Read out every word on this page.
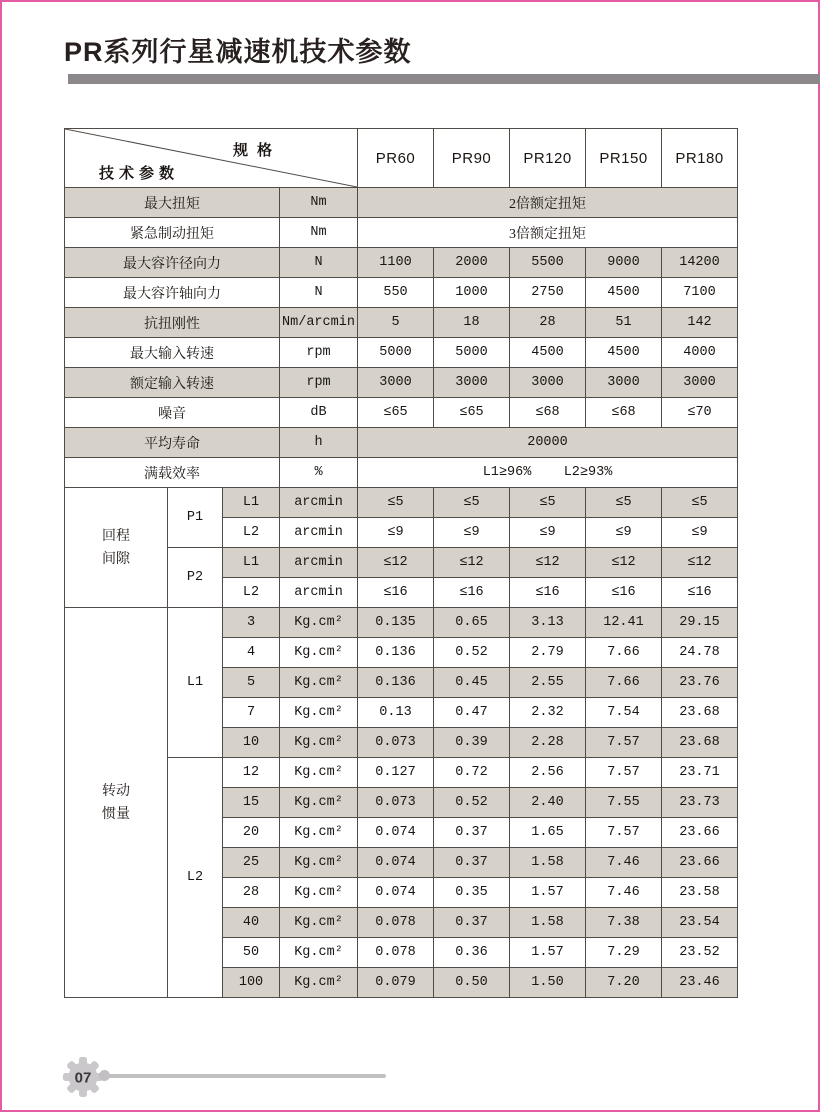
PR系列行星减速机技术参数
规格
技术参数				PR60	PR90	PR120	PR150	PR180
最大扭矩			Nm	2倍额定扭矩				
紧急制动扭矩			Nm	3倍额定扭矩				
最大容许径向力			N	1100	2000	5500	9000	14200
最大容许轴向力			N	550	1000	2750	4500	7100
抗扭刚性			Nm/arcmin	5	18	28	51	142
最大输入转速			rpm	5000	5000	4500	4500	4000
额定输入转速			rpm	3000	3000	3000	3000	3000
噪音			dB	≤65	≤65	≤68	≤68	≤70
平均寿命			h	20000				
满载效率			%	L1≥96%    L2≥93%				

回程
间隙	P1	L1	arcmin	≤5	≤5	≤5	≤5	≤5
		L2	arcmin	≤9	≤9	≤9	≤9	≤9
	P2	L1	arcmin	≤12	≤12	≤12	≤12	≤12
		L2	arcmin	≤16	≤16	≤16	≤16	≤16

转动
惯量	L1	3	Kg.cm²	0.135	0.65	3.13	12.41	29.15
		4	Kg.cm²	0.136	0.52	2.79	7.66	24.78
		5	Kg.cm²	0.136	0.45	2.55	7.66	23.76
		7	Kg.cm²	0.13	0.47	2.32	7.54	23.68
		10	Kg.cm²	0.073	0.39	2.28	7.57	23.68
	L2	12	Kg.cm²	0.127	0.72	2.56	7.57	23.71
		15	Kg.cm²	0.073	0.52	2.40	7.55	23.73
		20	Kg.cm²	0.074	0.37	1.65	7.57	23.66
		25	Kg.cm²	0.074	0.37	1.58	7.46	23.66
		28	Kg.cm²	0.074	0.35	1.57	7.46	23.58
		40	Kg.cm²	0.078	0.37	1.58	7.38	23.54
		50	Kg.cm²	0.078	0.36	1.57	7.29	23.52
		100	Kg.cm²	0.079	0.50	1.50	7.20	23.46
07
